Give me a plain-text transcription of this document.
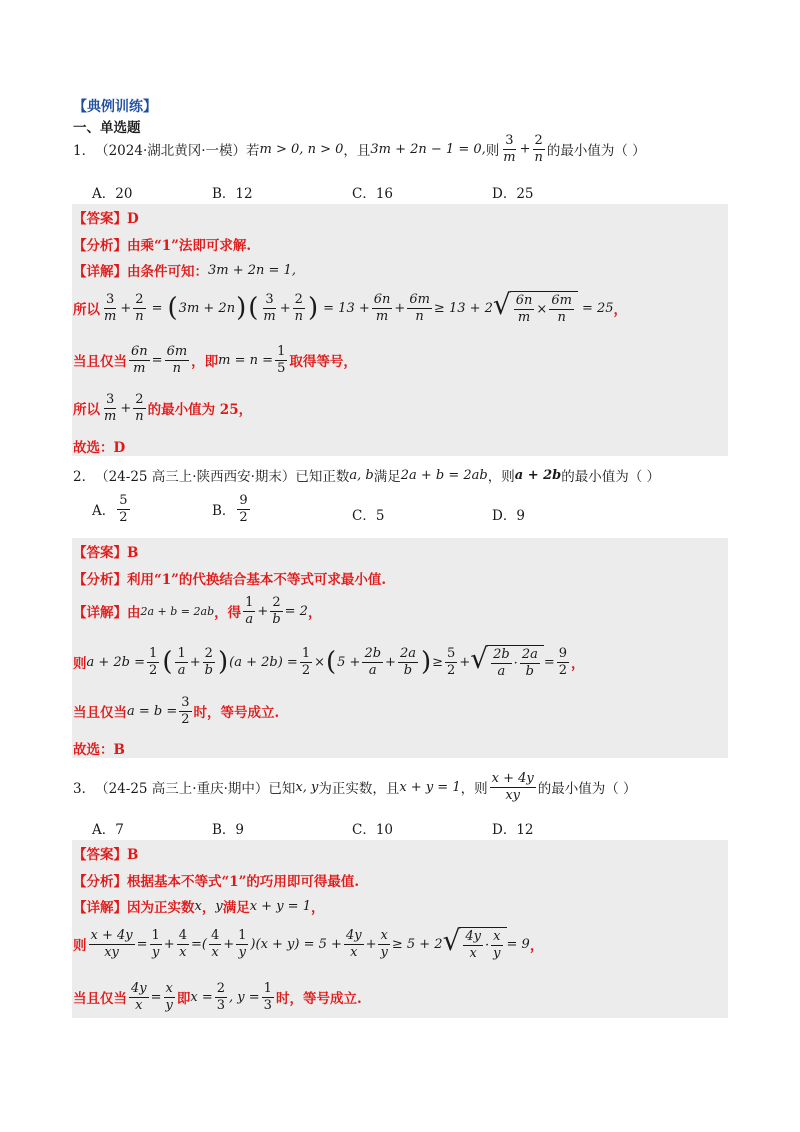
【典例训练】
一、单选题
1． （2024·湖北黄冈·一模）若 m > 0, n > 0 ，且 3m + 2n − 1 = 0, 则 $\frac{3}{m} + \frac{2}{n}$ 的最小值为（ ）
A．20	B．12	C．16	D．25
【答案】D
【分析】由乘“1”法即可求解.
【详解】由条件可知： 3m + 2n = 1,
所以 $\frac{3}{m} + \frac{2}{n}$ = ( 3m + 2n ) ( $\frac{3}{m} + \frac{2}{n}$ ) = $13 + \frac{6n}{m} + \frac{6m}{n} \ge 13 + 2$ √ $\frac{6n}{m} \times \frac{6m}{n} = 25$ ，
当且仅当 $\frac{6n}{m} = \frac{6m}{n}$ ，即 $m = n = \frac{1}{5}$ 取得等号，
所以 $\frac{3}{m} + \frac{2}{n}$ 的最小值为 25，
故选：D
2． （24-25 高三上·陕西西安·期末）已知正数 a, b 满足 2a + b = 2ab ，则 a + 2b 的最小值为（ ）
A． $\frac{5}{2}$	B． $\frac{9}{2}$	C．5	D．9
【答案】B
【分析】利用“1”的代换结合基本不等式可求最小值.
【详解】由 2a + b = 2ab ，得 $\frac{1}{a} + \frac{2}{b} = 2$ ，
则 $a + 2b = \frac{1}{2}$ ( $\frac{1}{a} + \frac{2}{b}$ ) $(a + 2b) = \frac{1}{2}$ × ( $5 + \frac{2b}{a} + \frac{2a}{b}$ ) ≥ $\frac{5}{2}$ + √ $\frac{2b}{a} \cdot \frac{2a}{b} = \frac{9}{2}$ ，
当且仅当 $a = b = \frac{3}{2}$ 时，等号成立.
故选：B
3． （24-25 高三上·重庆·期中）已知 x, y 为正实数，且 x + y = 1 ，则 $\frac{x + 4y}{xy}$ 的最小值为（ ）
A．7	B．9	C．10	D．12
【答案】B
【分析】根据基本不等式“1”的巧用即可得最值.
【详解】因为正实数 x ， y 满足 x + y = 1 ，
则 $\frac{x + 4y}{xy} = \frac{1}{y} + \frac{4}{x}$ =( $\frac{4}{x} + \frac{1}{y} )(x + y) = 5 + \frac{4y}{x} + \frac{x}{y} \ge 5 + 2$ √ $\frac{4y}{x} \cdot \frac{x}{y} = 9$ ，
当且仅当 $\frac{4y}{x} = \frac{x}{y}$ 即 $x = \frac{2}{3}$ , $y = \frac{1}{3}$ 时，等号成立.
